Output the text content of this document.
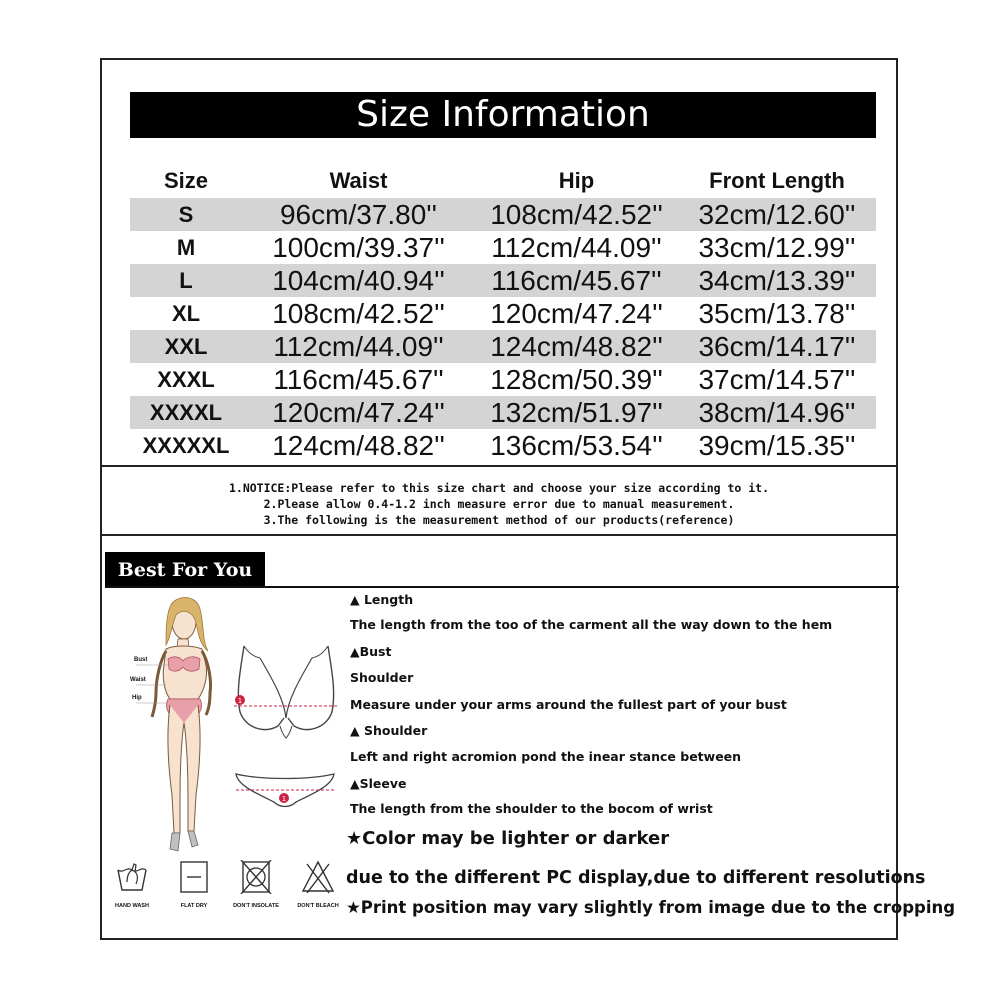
Size Information
Size	Waist	Hip	Front Length
S	96cm/37.80''	108cm/42.52''	32cm/12.60''
M	100cm/39.37''	112cm/44.09''	33cm/12.99''
L	104cm/40.94''	116cm/45.67''	34cm/13.39''
XL	108cm/42.52''	120cm/47.24''	35cm/13.78''
XXL	112cm/44.09''	124cm/48.82''	36cm/14.17''
XXXL	116cm/45.67''	128cm/50.39''	37cm/14.57''
XXXXL	120cm/47.24''	132cm/51.97''	38cm/14.96''
XXXXXL	124cm/48.82''	136cm/53.54''	39cm/15.35''
1.NOTICE:Please refer to this size chart and choose your size according to it.
2.Please allow 0.4-1.2 inch measure error due to manual measurement.
3.The following is the measurement method of our products(reference)
Best For You
Bust
Waist
Hip	1
1
▲ Length
The length from the too of the carment all the way down to the hem
▲Bust
Shoulder
Measure under your arms around the fullest part of your bust
▲ Shoulder
Left and right acromion pond the inear stance between
▲Sleeve
The length from the shoulder to the bocom of wrist
★Color may be lighter or darker
due to the different PC display,due to different resolutions
★Print position may vary slightly from image due to the cropping
HAND WASH	FLAT DRY	DON'T INSOLATE	DON'T BLEACH
